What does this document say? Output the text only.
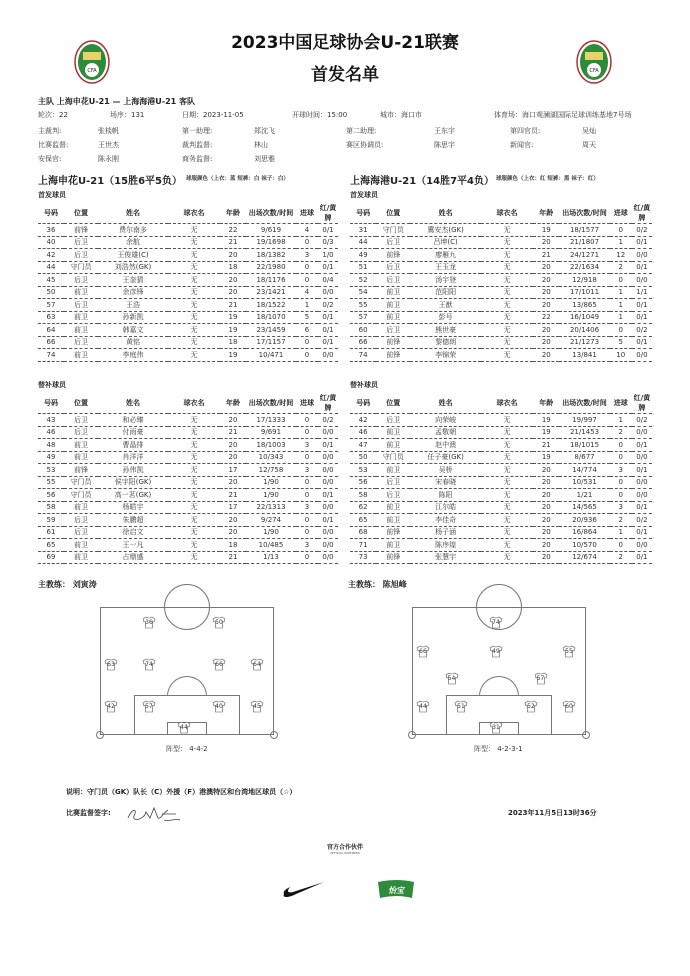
CFA	CFA
2023中国足球协会U-21联赛
首发名单
主队 上海申花U-21 — 上海海港U-21 客队
轮次：22	场序：131	日期：2023-11-05	开球时间：15:00	城市：海口市	体育场：海口观澜湖国际足球训练基地7号场
主裁判:	张棪帆	第一助理:	郑沈飞	第二助理:	王东宇	第四官员:	吴灿
比赛监督:	王世杰	裁判监督:	林山	赛区协调员:	陈思宇	新闻官:	周天
安保官:	陈永刚	商务监督:	刘思雅
上海申花U-21（15胜6平5负） 球服颜色（上衣：蓝 短裤：白 袜子：白）
首发球员
号码	位置	姓名	球衣名	年龄	出场次数/时间	进球	红/黄牌
36	前锋	费尔南多	无	22	9/619	4	0/1
40	后卫	余航	无	21	19/1698	0	0/3
42	后卫	王俊雄(C)	无	20	18/1382	3	1/0
44	守门员	刘浩然(GK)	无	18	22/1980	0	0/1
45	后卫	王奎猜	无	20	18/1176	0	0/4
50	前卫	余彦锋	无	20	23/1421	4	0/0
57	后卫	王浩	无	21	18/1522	1	0/2
63	前卫	孙新凯	无	19	18/1070	5	0/1
64	前卫	韩嘉文	无	19	23/1459	6	0/1
66	后卫	黄铭	无	18	17/1157	0	0/1
74	前卫	李庭伟	无	19	10/471	0	0/0
替补球员
号码	位置	姓名	球衣名	年龄	出场次数/时间	进球	红/黄牌
43	后卫	和必臻	无	20	17/1333	0	0/2
46	后卫	付雨豪	无	21	9/691	0	0/0
48	前卫	曹晶排	无	20	18/1003	3	0/1
49	前卫	肖洋洋	无	20	10/343	0	0/0
53	前锋	孙伟凯	无	17	12/758	3	0/0
55	守门员	侯宇阳(GK)	无	20	1/90	0	0/0
56	守门员	高一茗(GK)	无	21	1/90	0	0/1
58	前卫	杨皓宇	无	17	22/1313	3	0/0
59	后卫	朱鹏超	无	20	9/274	0	0/1
61	后卫	徐启文	无	20	1/90	0	0/0
65	前卫	王一凡	无	18	10/485	3	0/0
69	前卫	占鼎盛	无	21	1/13	0	0/0
主教练： 刘寅涛
上海海港U-21（14胜7平4负） 球服颜色（上衣：红 短裤：黑 袜子：红）
首发球员
号码	位置	姓名	球衣名	年龄	出场次数/时间	进球	红/黄牌
31	守门员	冀安杰(GK)	无	19	18/1577	0	0/2
44	后卫	吕坤(C)	无	20	21/1807	1	0/1
49	前锋	廖雁九	无	21	24/1271	12	0/0
51	后卫	王玉龙	无	20	22/1634	2	0/1
52	后卫	汤宇登	无	20	12/918	0	0/0
54	前卫	范阳阳	无	20	17/1011	1	1/1
55	前卫	王猷	无	20	13/865	1	0/1
57	前卫	彭号	无	22	16/1049	1	0/1
60	后卫	熊世豪	无	20	20/1406	0	0/2
66	前锋	黎德朗	无	20	21/1273	5	0/1
74	前锋	李锦荣	无	20	13/841	10	0/0
替补球员
号码	位置	姓名	球衣名	年龄	出场次数/时间	进球	红/黄牌
42	后卫	向荣峻	无	19	19/997	1	0/2
46	前卫	孟敬朝	无	19	21/1453	2	0/0
47	前卫	赵中澳	无	21	18/1015	0	0/1
50	守门员	任子豪(GK)	无	19	8/677	0	0/0
53	前卫	吴桥	无	20	14/774	3	0/1
56	后卫	宋春晓	无	20	10/531	0	0/0
58	后卫	陈阳	无	20	1/21	0	0/0
62	前卫	江尔皓	无	20	14/565	3	0/1
65	前卫	李佳奇	无	20	20/936	2	0/2
68	前锋	杨子涵	无	20	16/864	1	0/1
71	前卫	陈序煌	无	20	10/570	0	0/0
73	前锋	张慧宇	无	20	12/674	2	0/1
主教练： 陈旭峰
36	50
63	74	66	64
42	57	40	45
44
阵型： 4-4-2
74
66	49	55
54	57
44	51	52	60
31
阵型： 4-2-3-1
说明：守门员（GK）队长（C）外援（F）港澳特区和台湾地区球员（☆）
比赛监督签字:	2023年11月5日13时36分
官方合作伙伴
OFFICIAL PARTNERS
怡宝
